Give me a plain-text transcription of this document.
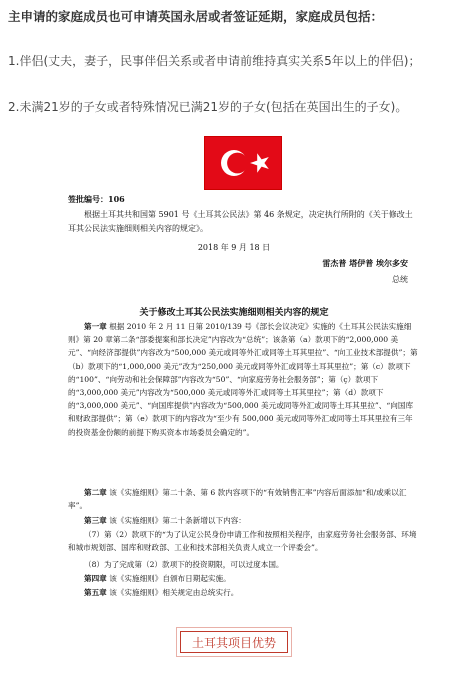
主申请的家庭成员也可申请英国永居或者签证延期，家庭成员包括：
1.伴侣(丈夫，妻子，民事伴侣关系或者申请前维持真实关系5年以上的伴侣)；
2.未满21岁的子女或者特殊情况已满21岁的子女(包括在英国出生的子女)。
签批编号：106
根据土耳其共和国第 5901 号《土耳其公民法》第 46 条规定，决定执行所附的《关于修改土耳其公民法实施细则相关内容的规定》。
2018 年 9 月 18 日
雷杰普 塔伊普 埃尔多安
总统
关于修改土耳其公民法实施细则相关内容的规定
第一章 根据 2010 年 2 月 11 日第 2010/139 号《部长会议决定》实施的《土耳其公民法实施细则》第 20 章第二条“部委提案和部长决定”内容改为“总统”；该条第（a）款项下的“2,000,000 美元”、“向经济部提供”内容改为“500,000 美元或同等外汇或同等土耳其里拉”、“向工业技术部提供”；第（b）款项下的“1,000,000 美元”改为“250,000 美元或同等外汇或同等土耳其里拉”；第（c）款项下的“100”、“向劳动和社会保障部”内容改为“50”、“向家庭劳务社会服务部”；第（ç）款项下的“3,000,000 美元”内容改为“500,000 美元或同等外汇或同等土耳其里拉”；第（d）款项下的“3,000,000 美元”、“向国库提供”内容改为“500,000 美元或同等外汇或同等土耳其里拉”、“向国库和财政部提供”；第（e）款项下的内容改为“至少有 500,000 美元或同等外汇或同等土耳其里拉有三年的投资基金份额的前提下购买资本市场委员会确定的”。
第二章 该《实施细则》第二十条、第 6 款内容项下的“有效销售汇率”内容后面添加“和/或乘以汇率”。
第三章 该《实施细则》第二十条新增以下内容：
（7）第（2）款项下的“为了认定公民身份申请工作和按照相关程序，由家庭劳务社会服务部、环境和城市规划部、国库和财政部、工业和技术部相关负责人成立一个评委会”。
（8）为了完成第（2）款项下的投资期限，可以过度本国。
第四章 该《实施细则》自颁布日期起实施。
第五章 该《实施细则》相关规定由总统实行。
土耳其项目优势
